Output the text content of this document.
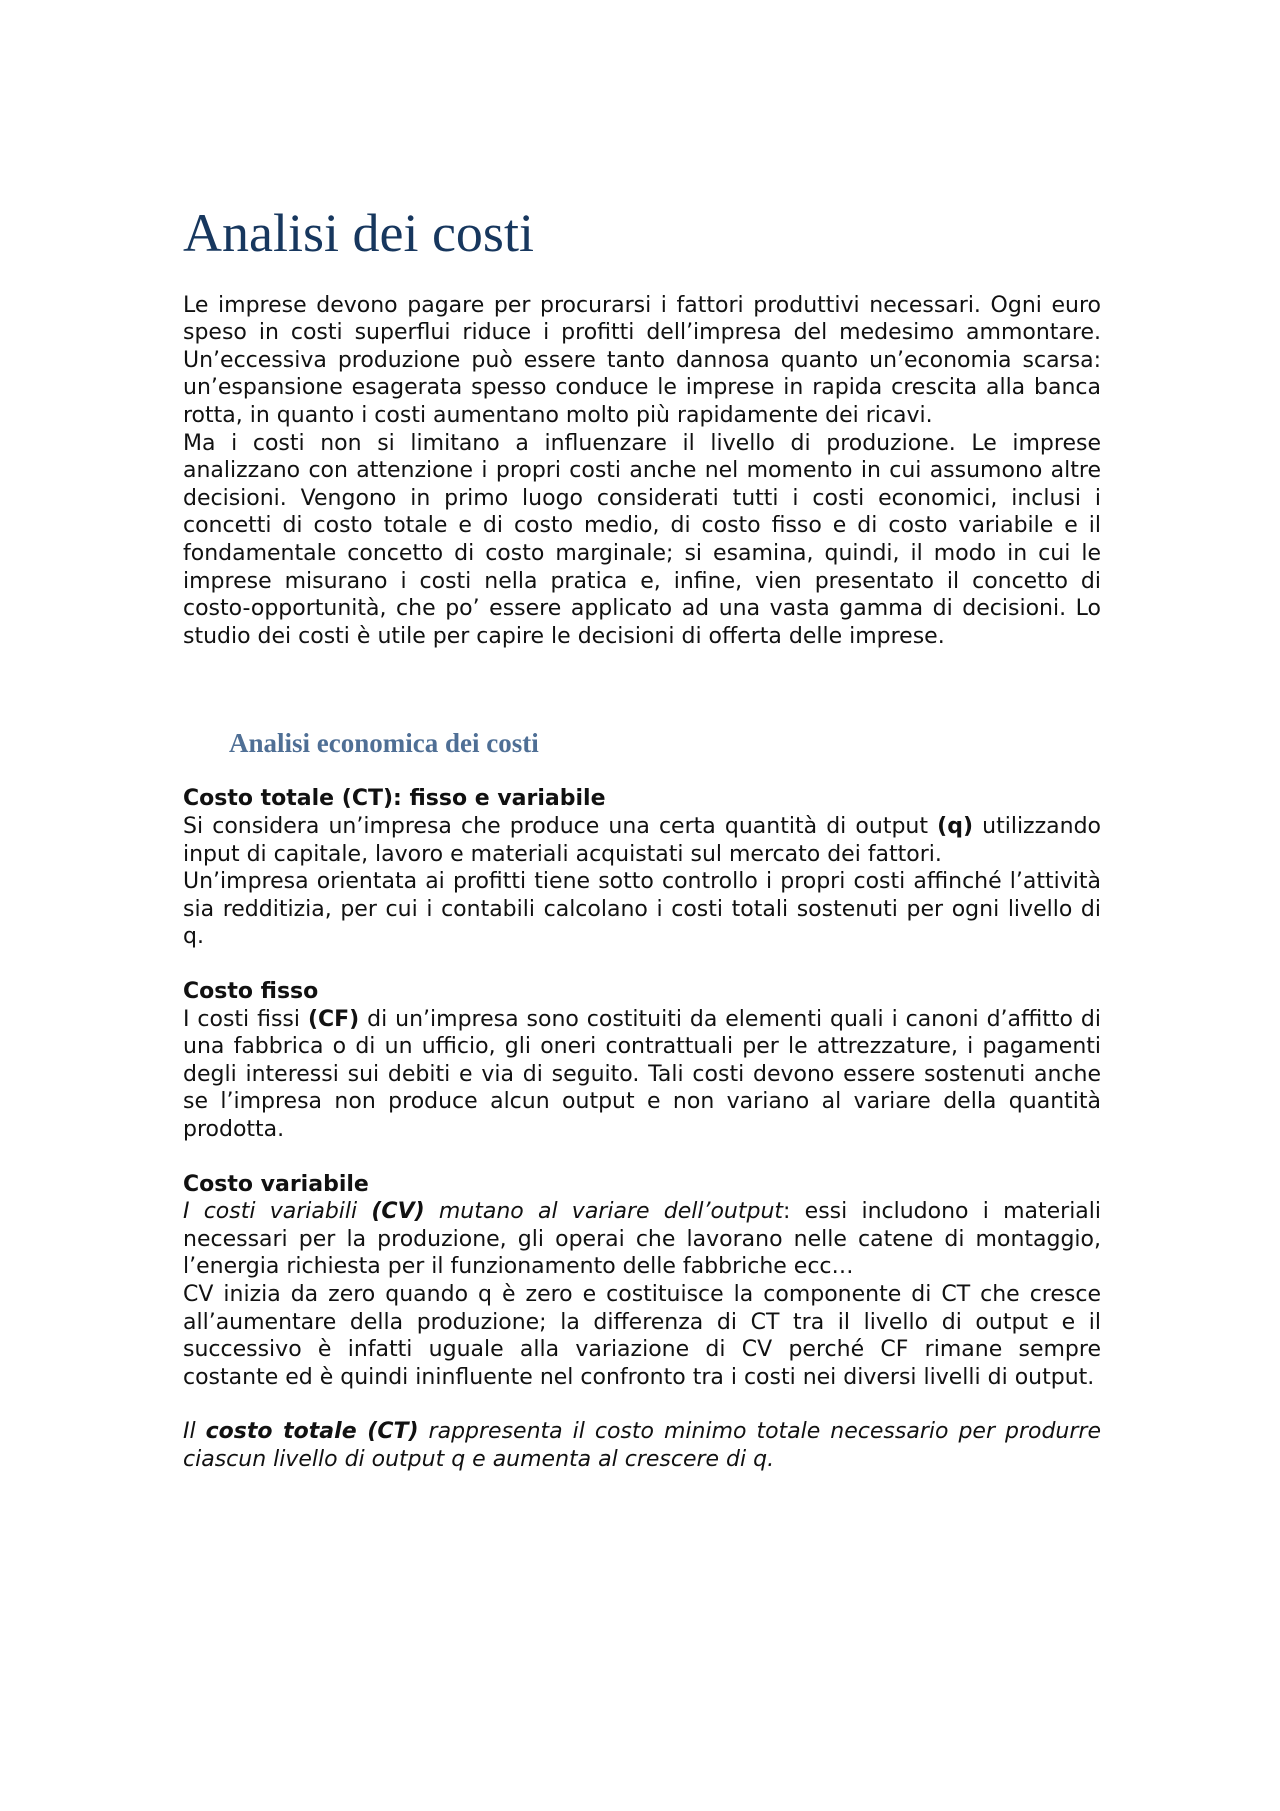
Analisi dei costi

Le imprese devono pagare per procurarsi i fattori produttivi necessari. Ogni euro speso in costi superflui riduce i profitti dell’impresa del medesimo ammontare. Un’eccessiva produzione può essere tanto dannosa quanto un’economia scarsa: un’espansione esagerata spesso conduce le imprese in rapida crescita alla banca rotta, in quanto i costi aumentano molto più rapidamente dei ricavi.

Ma i costi non si limitano a influenzare il livello di produzione. Le imprese analizzano con attenzione i propri costi anche nel momento in cui assumono altre decisioni. Vengono in primo luogo considerati tutti i costi economici, inclusi i concetti di costo totale e di costo medio, di costo fisso e di costo variabile e il fondamentale concetto di costo marginale; si esamina, quindi, il modo in cui le imprese misurano i costi nella pratica e, infine, vien presentato il concetto di costo-opportunità, che po’ essere applicato ad una vasta gamma di decisioni. Lo studio dei costi è utile per capire le decisioni di offerta delle imprese.

Analisi economica dei costi

Costo totale (CT): fisso e variabile

Si considera un’impresa che produce una certa quantità di output (q) utilizzando input di capitale, lavoro e materiali acquistati sul mercato dei fattori.

Un’impresa orientata ai profitti tiene sotto controllo i propri costi affinché l’attività sia redditizia, per cui i contabili calcolano i costi totali sostenuti per ogni livello di q.

Costo fisso

I costi fissi (CF) di un’impresa sono costituiti da elementi quali i canoni d’affitto di una fabbrica o di un ufficio, gli oneri contrattuali per le attrezzature, i pagamenti degli interessi sui debiti e via di seguito. Tali costi devono essere sostenuti anche se l’impresa non produce alcun output e non variano al variare della quantità prodotta.

Costo variabile

I costi variabili (CV) mutano al variare dell’output: essi includono i materiali necessari per la produzione, gli operai che lavorano nelle catene di montaggio, l’energia richiesta per il funzionamento delle fabbriche ecc…

CV inizia da zero quando q è zero e costituisce la componente di CT che cresce all’aumentare della produzione; la differenza di CT tra il livello di output e il successivo è infatti uguale alla variazione di CV perché CF rimane sempre costante ed è quindi ininfluente nel confronto tra i costi nei diversi livelli di output.

Il costo totale (CT) rappresenta il costo minimo totale necessario per produrre ciascun livello di output q e aumenta al crescere di q.
